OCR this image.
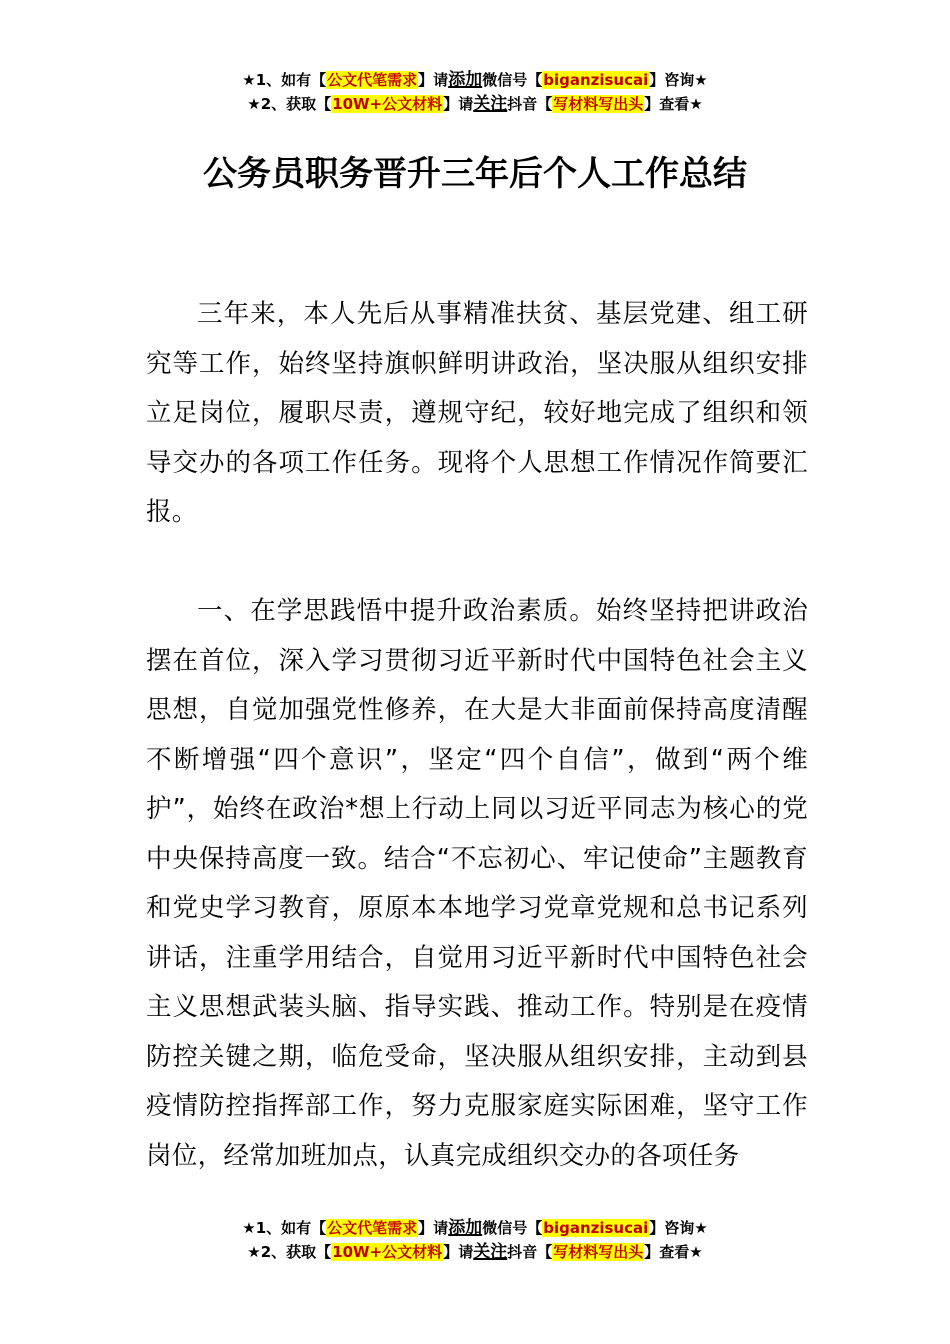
★1、如有【公文代笔需求】请添加微信号【biganzisucai】咨询★
★2、获取【10W+公文材料】请关注抖音【写材料写出头】查看★
公务员职务晋升三年后个人工作总结

三年来，本人先后从事精准扶贫、基层党建、组工研究等工作，始终坚持旗帜鲜明讲政治，坚决服从组织安排立足岗位，履职尽责，遵规守纪，较好地完成了组织和领导交办的各项工作任务。现将个人思想工作情况作简要汇报。

一、在学思践悟中提升政治素质。始终坚持把讲政治摆在首位，深入学习贯彻习近平新时代中国特色社会主义思想，自觉加强党性修养，在大是大非面前保持高度清醒不断增强“四个意识”，坚定“四个自信”，做到“两个维护”，始终在政治*想上行动上同以习近平同志为核心的党中央保持高度一致。结合“不忘初心、牢记使命”主题教育和党史学习教育，原原本本地学习党章党规和总书记系列讲话，注重学用结合，自觉用习近平新时代中国特色社会主义思想武装头脑、指导实践、推动工作。特别是在疫情防控关键之期，临危受命，坚决服从组织安排，主动到县疫情防控指挥部工作，努力克服家庭实际困难，坚守工作岗位，经常加班加点，认真完成组织交办的各项任务

★1、如有【公文代笔需求】请添加微信号【biganzisucai】咨询★
★2、获取【10W+公文材料】请关注抖音【写材料写出头】查看★
